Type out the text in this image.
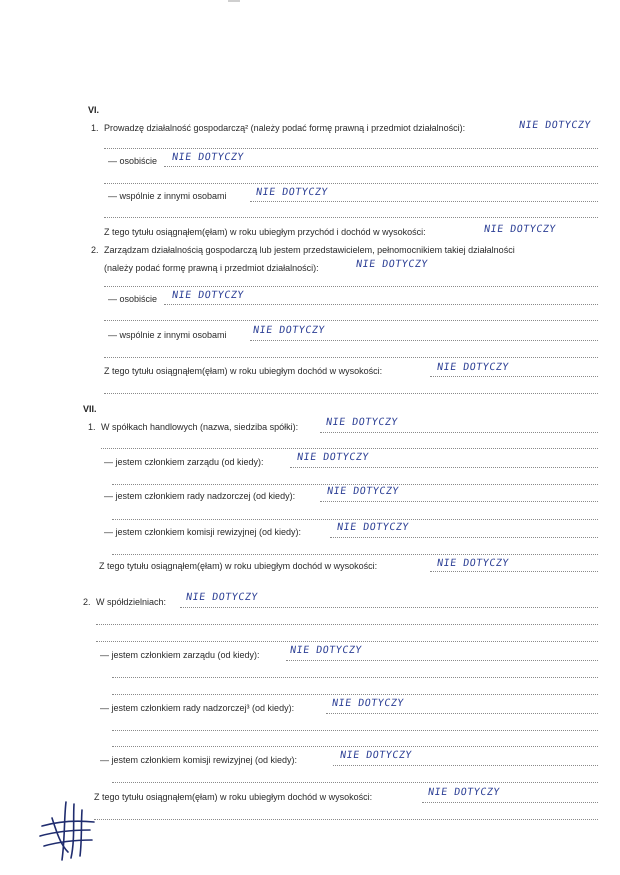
VI.
1. Prowadzę działalność gospodarczą² (należy podać formę prawną i przedmiot działalności):	NIE DOTYCZY
— osobiście NIE DOTYCZY
— wspólnie z innymi osobami	NIE DOTYCZY
Z tego tytułu osiągnąłem(ęłam) w roku ubiegłym przychód i dochód w wysokości:	NIE DOTYCZY
2. Zarządzam działalnością gospodarczą lub jestem przedstawicielem, pełnomocnikiem takiej działalności
(należy podać formę prawną i przedmiot działalności):	NIE DOTYCZY
— osobiście NIE DOTYCZY
— wspólnie z innymi osobami	NIE DOTYCZY
Z tego tytułu osiągnąłem(ęłam) w roku ubiegłym dochód w wysokości:	NIE DOTYCZY
VII.
1. W spółkach handlowych (nazwa, siedziba spółki):	NIE DOTYCZY
— jestem członkiem zarządu (od kiedy):	NIE DOTYCZY
— jestem członkiem rady nadzorczej (od kiedy):	NIE DOTYCZY
— jestem członkiem komisji rewizyjnej (od kiedy):	NIE DOTYCZY
Z tego tytułu osiągnąłem(ęłam) w roku ubiegłym dochód w wysokości:	NIE DOTYCZY
2. W spółdzielniach: NIE DOTYCZY
— jestem członkiem zarządu (od kiedy):	NIE DOTYCZY
— jestem członkiem rady nadzorczej³ (od kiedy):	NIE DOTYCZY
— jestem członkiem komisji rewizyjnej (od kiedy):	NIE DOTYCZY
Z tego tytułu osiągnąłem(ęłam) w roku ubiegłym dochód w wysokości:	NIE DOTYCZY
